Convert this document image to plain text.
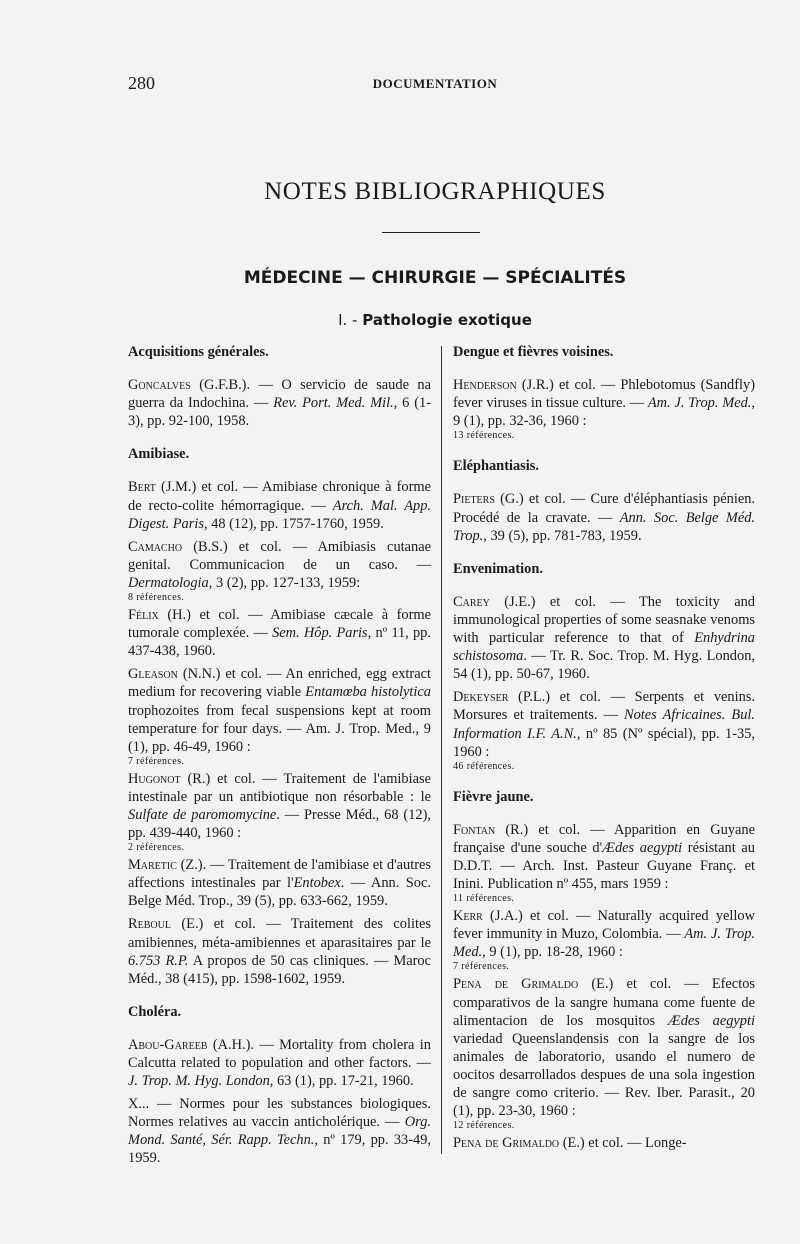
280	DOCUMENTATION
NOTES BIBLIOGRAPHIQUES
MÉDECINE — CHIRURGIE — SPÉCIALITÉS
I. - Pathologie exotique
Acquisitions générales.

Goncalves (G.F.B.). — O servicio de saude na guerra da Indochina. — Rev. Port. Med. Mil., 6 (1-3), pp. 92-100, 1958.

Amibiase.

Bert (J.M.) et col. — Amibiase chronique à forme de recto-colite hémorragique. — Arch. Mal. App. Digest. Paris, 48 (12), pp. 1757-1760, 1959.

Camacho (B.S.) et col. — Amibiasis cutanae genital. Communicacion de un caso. — Dermatologia, 3 (2), pp. 127-133, 1959:

8 références.

Félix (H.) et col. — Amibiase cæcale à forme tumorale complexée. — Sem. Hôp. Paris, nº 11, pp. 437-438, 1960.

Gleason (N.N.) et col. — An enriched, egg extract medium for recovering viable Entamœba histolytica trophozoites from fecal suspensions kept at room temperature for four days. — Am. J. Trop. Med., 9 (1), pp. 46-49, 1960 :

7 références.

Hugonot (R.) et col. — Traitement de l'amibiase intestinale par un antibiotique non résorbable : le Sulfate de paromomycine. — Presse Méd., 68 (12), pp. 439-440, 1960 :

2 références.

Maretic (Z.). — Traitement de l'amibiase et d'autres affections intestinales par l'Entobex. — Ann. Soc. Belge Méd. Trop., 39 (5), pp. 633-662, 1959.

Reboul (E.) et col. — Traitement des colites amibiennes, méta-amibiennes et aparasitaires par le 6.753 R.P. A propos de 50 cas cliniques. — Maroc Méd., 38 (415), pp. 1598-1602, 1959.

Choléra.

Abou-Gareeb (A.H.). — Mortality from cholera in Calcutta related to population and other factors. — J. Trop. M. Hyg. London, 63 (1), pp. 17-21, 1960.

X... — Normes pour les substances biologiques. Normes relatives au vaccin anticholérique. — Org. Mond. Santé, Sér. Rapp. Techn., nº 179, pp. 33-49, 1959.

Dengue et fièvres voisines.

Henderson (J.R.) et col. — Phlebotomus (Sandfly) fever viruses in tissue culture. — Am. J. Trop. Med., 9 (1), pp. 32-36, 1960 :

13 références.
Eléphantiasis.

Pieters (G.) et col. — Cure d'éléphantiasis pénien. Procédé de la cravate. — Ann. Soc. Belge Méd. Trop., 39 (5), pp. 781-783, 1959.

Envenimation.

Carey (J.E.) et col. — The toxicity and immunological properties of some seasnake venoms with particular reference to that of Enhydrina schistosoma. — Tr. R. Soc. Trop. M. Hyg. London, 54 (1), pp. 50-67, 1960.

Dekeyser (P.L.) et col. — Serpents et venins. Morsures et traitements. — Notes Africaines. Bul. Information I.F. A.N., nº 85 (Nº spécial), pp. 1-35, 1960 :

46 références.
Fièvre jaune.

Fontan (R.) et col. — Apparition en Guyane française d'une souche d'Ædes aegypti résistant au D.D.T. — Arch. Inst. Pasteur Guyane Franç. et Inini. Publication nº 455, mars 1959 :

11 références.

Kerr (J.A.) et col. — Naturally acquired yellow fever immunity in Muzo, Colombia. — Am. J. Trop. Med., 9 (1), pp. 18-28, 1960 :

7 références.

Pena de Grimaldo (E.) et col. — Efectos comparativos de la sangre humana come fuente de alimentacion de los mosquitos Ædes aegypti variedad Queenslandensis con la sangre de los animales de laboratorio, usando el numero de oocitos desarrollados despues de una sola ingestion de sangre como criterio. — Rev. Iber. Parasit., 20 (1), pp. 23-30, 1960 :

12 références.

Pena de Grimaldo (E.) et col. — Longe-
